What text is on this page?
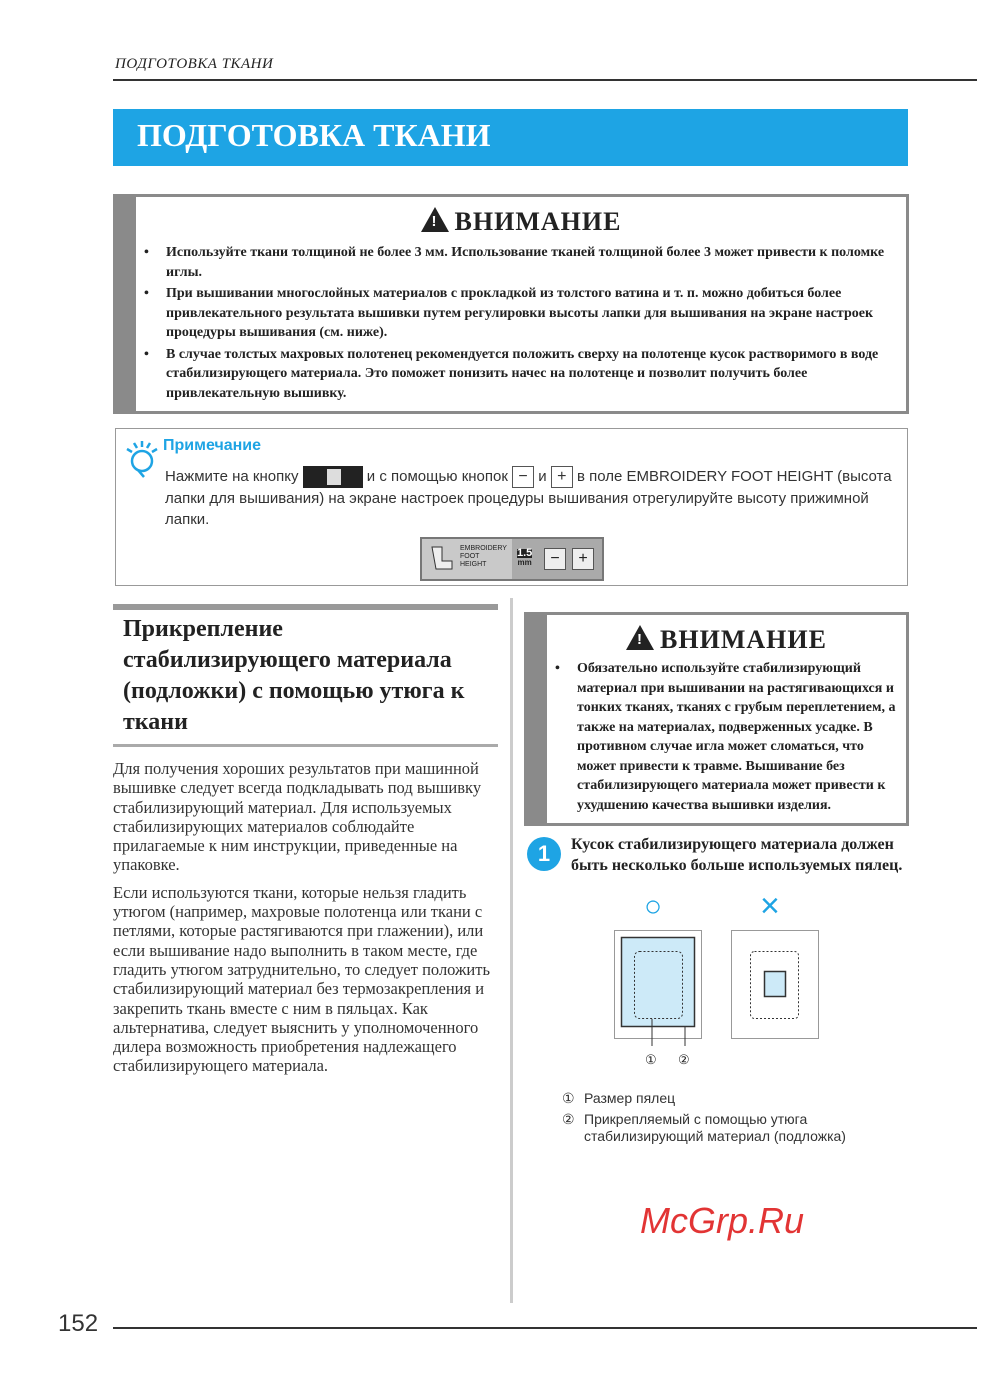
ПОДГОТОВКА ТКАНИ
ПОДГОТОВКА ТКАНИ
!ВНИМАНИЕ
• Используйте ткани толщиной не более 3 мм. Использование тканей толщиной более 3 может привести к поломке иглы.
• При вышивании многослойных материалов с прокладкой из толстого ватина и т. п. можно добиться более привлекательного результата вышивки путем регулировки высоты лапки для вышивания на экране настроек процедуры вышивания (см. ниже).
• В случае толстых махровых полотенец рекомендуется положить сверху на полотенце кусок растворимого в воде стабилизирующего материала. Это поможет понизить начес на полотенце и позволит получить более привлекательную вышивку.
Примечание
Нажмите на кнопку	и с помощью кнопок − и + в поле EMBROIDERY FOOT HEIGHT (высота лапки для вышивания) на экране настроек процедуры вышивания отрегулируйте высоту прижимной лапки.
EMBROIDERY
FOOT
HEIGHT
1.5
mm	−	+
Прикрепление стабилизирующего материала (подложки) с помощью утюга к ткани
Для получения хороших результатов при машинной вышивке следует всегда подкладывать под вышивку стабилизирующий материал. Для используемых стабилизирующих материалов соблюдайте прилагаемые к ним инструкции, приведенные на упаковке.
Если используются ткани, которые нельзя гладить утюгом (например, махровые полотенца или ткани с петлями, которые растягиваются при глажении), или если вышивание надо выполнить в таком месте, где гладить утюгом затруднительно, то следует положить стабилизирующий материал без термозакрепления и закрепить ткань вместе с ним в пяльцах. Как альтернатива, следует выяснить у уполномоченного дилера возможность приобретения надлежащего стабилизирующего материала.
!ВНИМАНИЕ
• Обязательно используйте стабилизирующий материал при вышивании на растягивающихся и тонких тканях, тканях с грубым переплетением, а также на материалах, подверженных усадке. В противном случае игла может сломаться, что может привести к травме. Вышивание без стабилизирующего материала может привести к ухудшению качества вышивки изделия.
1	Кусок стабилизирующего материала должен быть несколько больше используемых пялец.
○	×
① ②
① Размер пялец
② Прикрепляемый с помощью утюга стабилизирующий материал (подложка)
McGrp.Ru
152
